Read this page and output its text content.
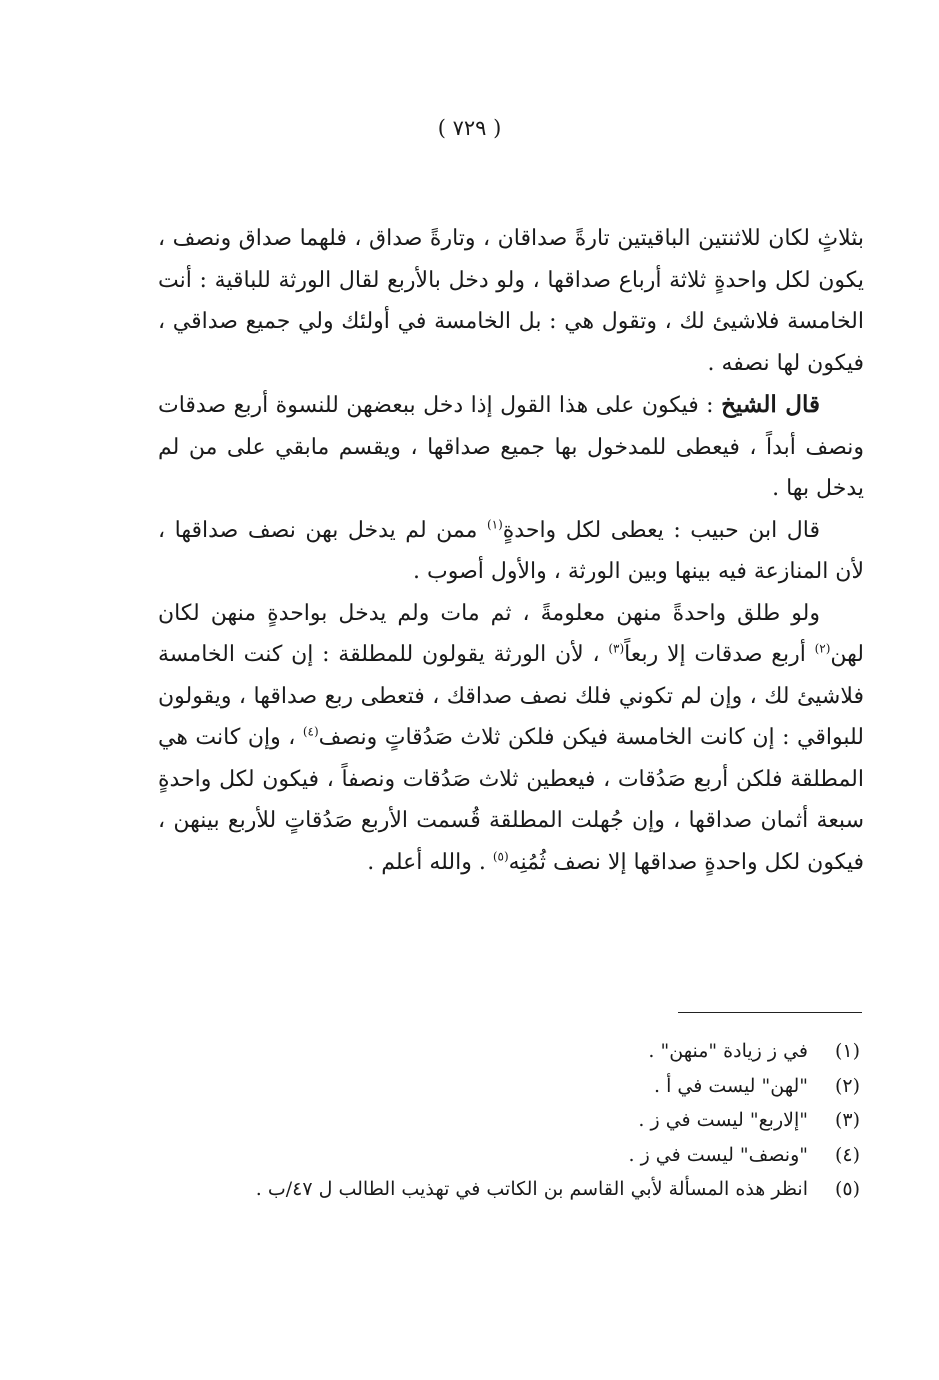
( ٧٢٩ )

بثلاثٍ لكان للاثنتين الباقيتين تارةً صداقان ، وتارةً صداق ، فلهما صداق ونصف ، يكون لكل واحدةٍ ثلاثة أرباع صداقها ، ولو دخل بالأربع لقال الورثة للباقية : أنت الخامسة فلاشيئ لك ، وتقول هي : بل الخامسة في أولئك ولي جميع صداقي ، فيكون لها نصفه .

قال الشيخ : فيكون على هذا القول إذا دخل ببعضهن للنسوة أربع صدقات ونصف أبداً ، فيعطى للمدخول بها جميع صداقها ، ويقسم مابقي على من لم يدخل بها .

قال ابن حبيب : يعطى لكل واحدةٍ$^{(١)}$ ممن لم يدخل بهن نصف صداقها ، لأن المنازعة فيه بينها وبين الورثة ، والأول أصوب .

ولو طلق واحدةً منهن معلومةً ، ثم مات ولم يدخل بواحدةٍ منهن لكان لهن$^{(٢)}$ أربع صدقات إلا ربعاً$^{(٣)}$ ، لأن الورثة يقولون للمطلقة : إن كنت الخامسة فلاشيئ لك ، وإن لم تكوني فلك نصف صداقك ، فتعطى ربع صداقها ، ويقولون للبواقي : إن كانت الخامسة فيكن فلكن ثلاث صَدُقاتٍ ونصف$^{(٤)}$ ، وإن كانت هي المطلقة فلكن أربع صَدُقات ، فيعطين ثلاث صَدُقات ونصفاً ، فيكون لكل واحدةٍ سبعة أثمان صداقها ، وإن جُهلت المطلقة قُسمت الأربع صَدُقاتٍ للأربع بينهن ، فيكون لكل واحدةٍ صداقها إلا نصف ثُمُنِه$^{(٥)}$ . والله أعلم .

(١)
في ز زيادة "منهن" .
(٢)
"لهن" ليست في أ .
(٣)
"إلاربع" ليست في ز .
(٤)
"ونصف" ليست في ز .
(٥)
انظر هذه المسألة لأبي القاسم بن الكاتب في تهذيب الطالب ل ٤٧/ب .
